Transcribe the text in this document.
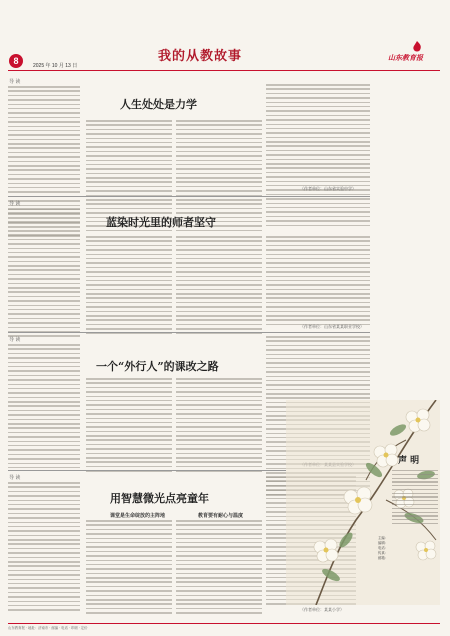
8	2025 年 10 月 13 日
我的从教故事	山东教育报
导 读
人生处处是力学
（作者单位：山东省实验中学）
导 读
蓝染时光里的师者坚守
（作者单位：山东省某某职业学校）
导 读
一个“外行人”的课改之路
导 读
用智慧微光点亮童年
课堂是生命绽放的主阵地	教育要有耐心与温度
（作者单位：某某小学）
声 明
主编：
编辑：
电话：
传真：
邮箱：
山东教育报 · 地址：济南市 · 邮编 · 电话 · 印刷 · 定价
